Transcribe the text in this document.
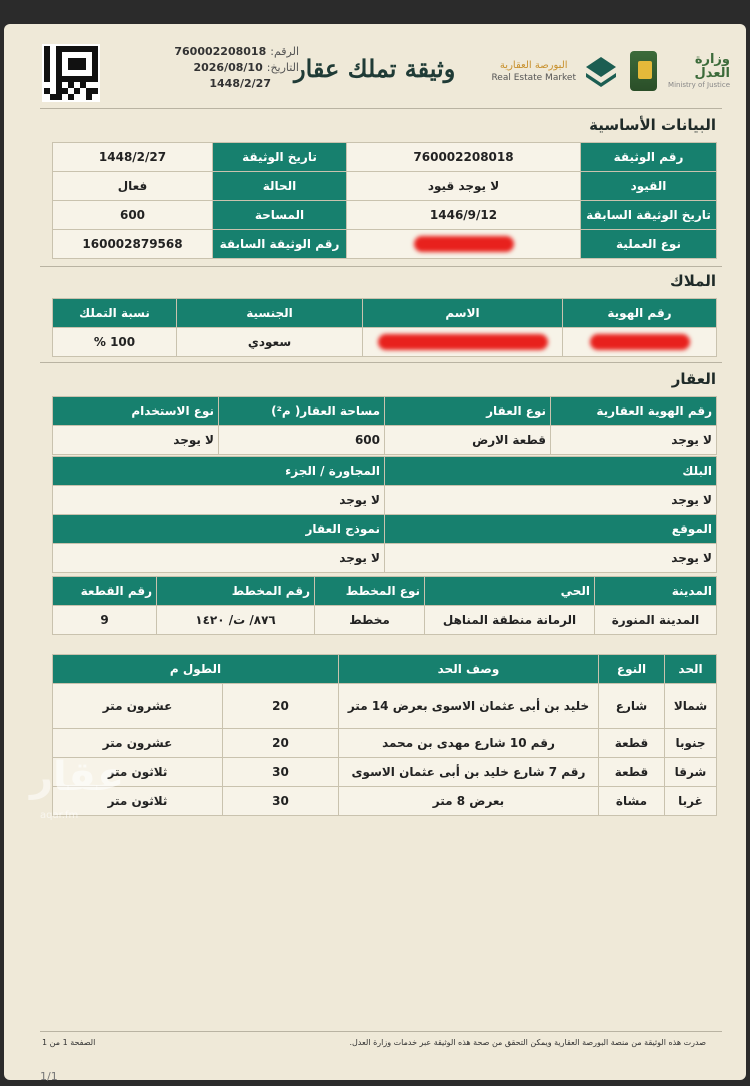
الرقم:
760002208018
التاريخ:
2026/08/10
1448/2/27
وثيقة تملك عقار	البورصة العقارية
Real Estate Market
وزارة العدل
Ministry of Justice
البيانات الأساسية
رقم الوثيقة	760002208018	تاريخ الوثيقة	1448/2/27
القيود	لا يوجد قيود	الحالة	فعال
تاريخ الوثيقة السابقة	1446/9/12	المساحة	600
نوع العملية		رقم الوثيقة السابقة	160002879568
الملاك
رقم الهوية	الاسم	الجنسية	نسبة التملك
		سعودي	100 %
العقار
رقم الهوية العقارية	نوع العقار	مساحة العقار( م²)	نوع الاستخدام
لا يوجد	قطعة الارض	600	لا يوجد
البلك	المجاورة / الجزء
لا يوجد	لا يوجد
الموقع	نموذج العقار
لا يوجد	لا يوجد
المدينة	الحي	نوع المخطط	رقم المخطط	رقم القطعة
المدينة المنورة	الرمانة منطقة المناهل	مخطط	٨٧٦/ ت/ ١٤٢٠	9
الحد	النوع	وصف الحد	الطول م	
شمالا	شارع	خليد بن أبى عثمان الاسوى بعرض 14 متر	20	عشرون متر
جنوبا	قطعة	رقم 10 شارع مهدى بن محمد	20	عشرون متر
شرقا	قطعة	رقم 7 شارع خليد بن أبى عثمان الاسوى	30	ثلاثون متر
غربا	مشاة	بعرض 8 متر	30	ثلاثون متر
عقار
aqar.fm
صدرت هذه الوثيقة من منصة البورصة العقارية ويمكن التحقق من صحة هذه الوثيقة عبر خدمات وزارة العدل.
الصفحة 1 من 1
1/1
